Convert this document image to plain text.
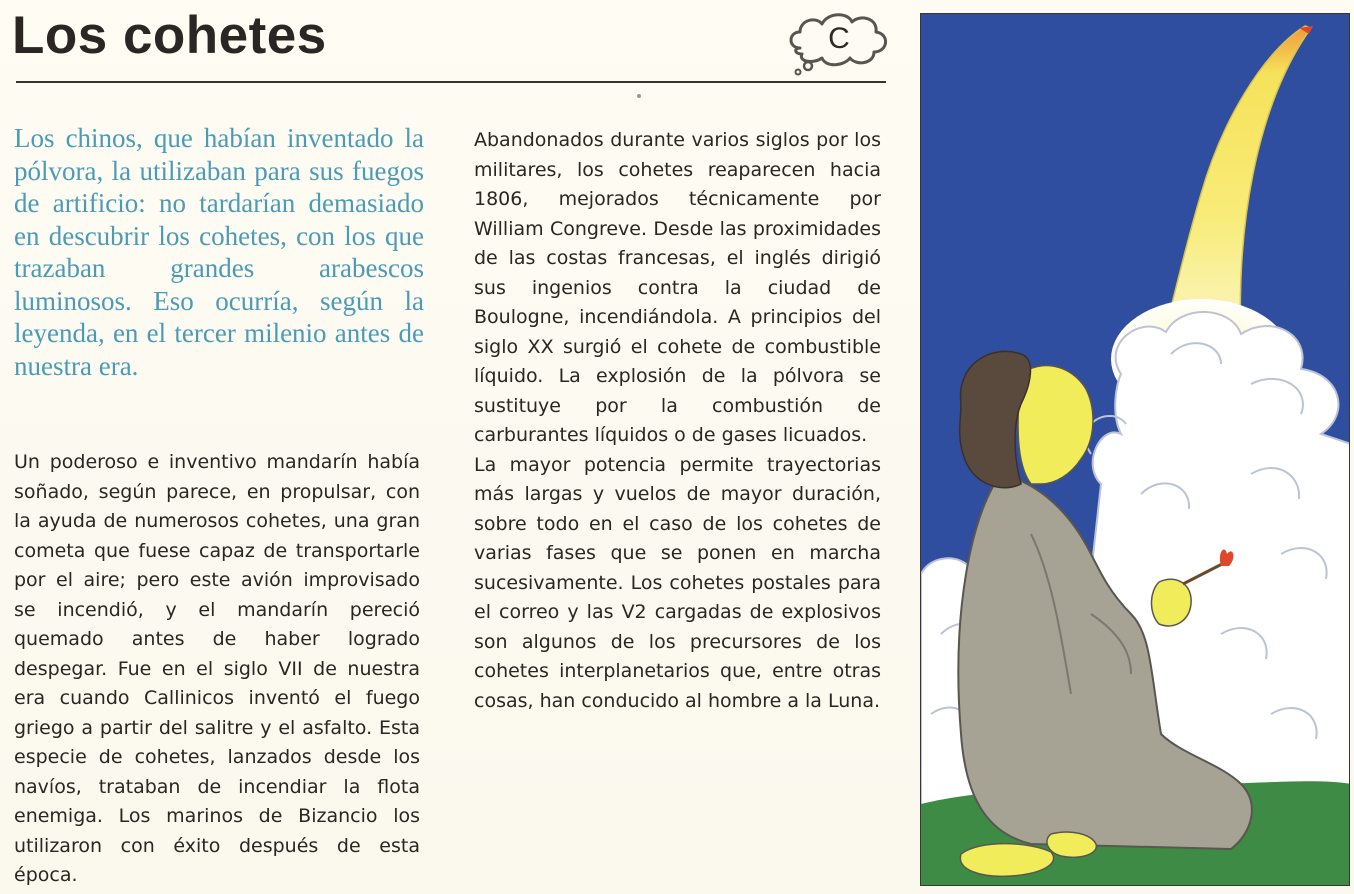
Los cohetes	C

Los chinos, que habían inventado la pólvora, la utilizaban para sus fuegos de artificio: no tardarían demasiado en descubrir los cohetes, con los que trazaban grandes arabescos luminosos. Eso ocurría, según la leyenda, en el tercer milenio antes de nuestra era.

Un poderoso e inventivo mandarín había soñado, según parece, en propulsar, con la ayuda de numerosos cohetes, una gran cometa que fuese capaz de transportarle por el aire; pero este avión improvisado se incendió, y el mandarín pereció quemado antes de haber logrado despegar. Fue en el siglo VII de nuestra era cuando Callinicos inventó el fuego griego a partir del salitre y el asfalto. Esta especie de cohetes, lanzados desde los navíos, trataban de incendiar la flota enemiga. Los marinos de Bizancio los utilizaron con éxito después de esta época.

Abandonados durante varios siglos por los militares, los cohetes reaparecen hacia 1806, mejorados técnicamente por William Congreve. Desde las proximidades de las costas francesas, el inglés dirigió sus ingenios contra la ciudad de Boulogne, incendiándola. A principios del siglo XX surgió el cohete de combustible líquido. La explosión de la pólvora se sustituye por la combustión de carburantes líquidos o de gases licuados.

La mayor potencia permite trayectorias más largas y vuelos de mayor duración, sobre todo en el caso de los cohetes de varias fases que se ponen en marcha sucesivamente. Los cohetes postales para el correo y las V2 cargadas de explosivos son algunos de los precursores de los cohetes interplanetarios que, entre otras cosas, han conducido al hombre a la Luna.
